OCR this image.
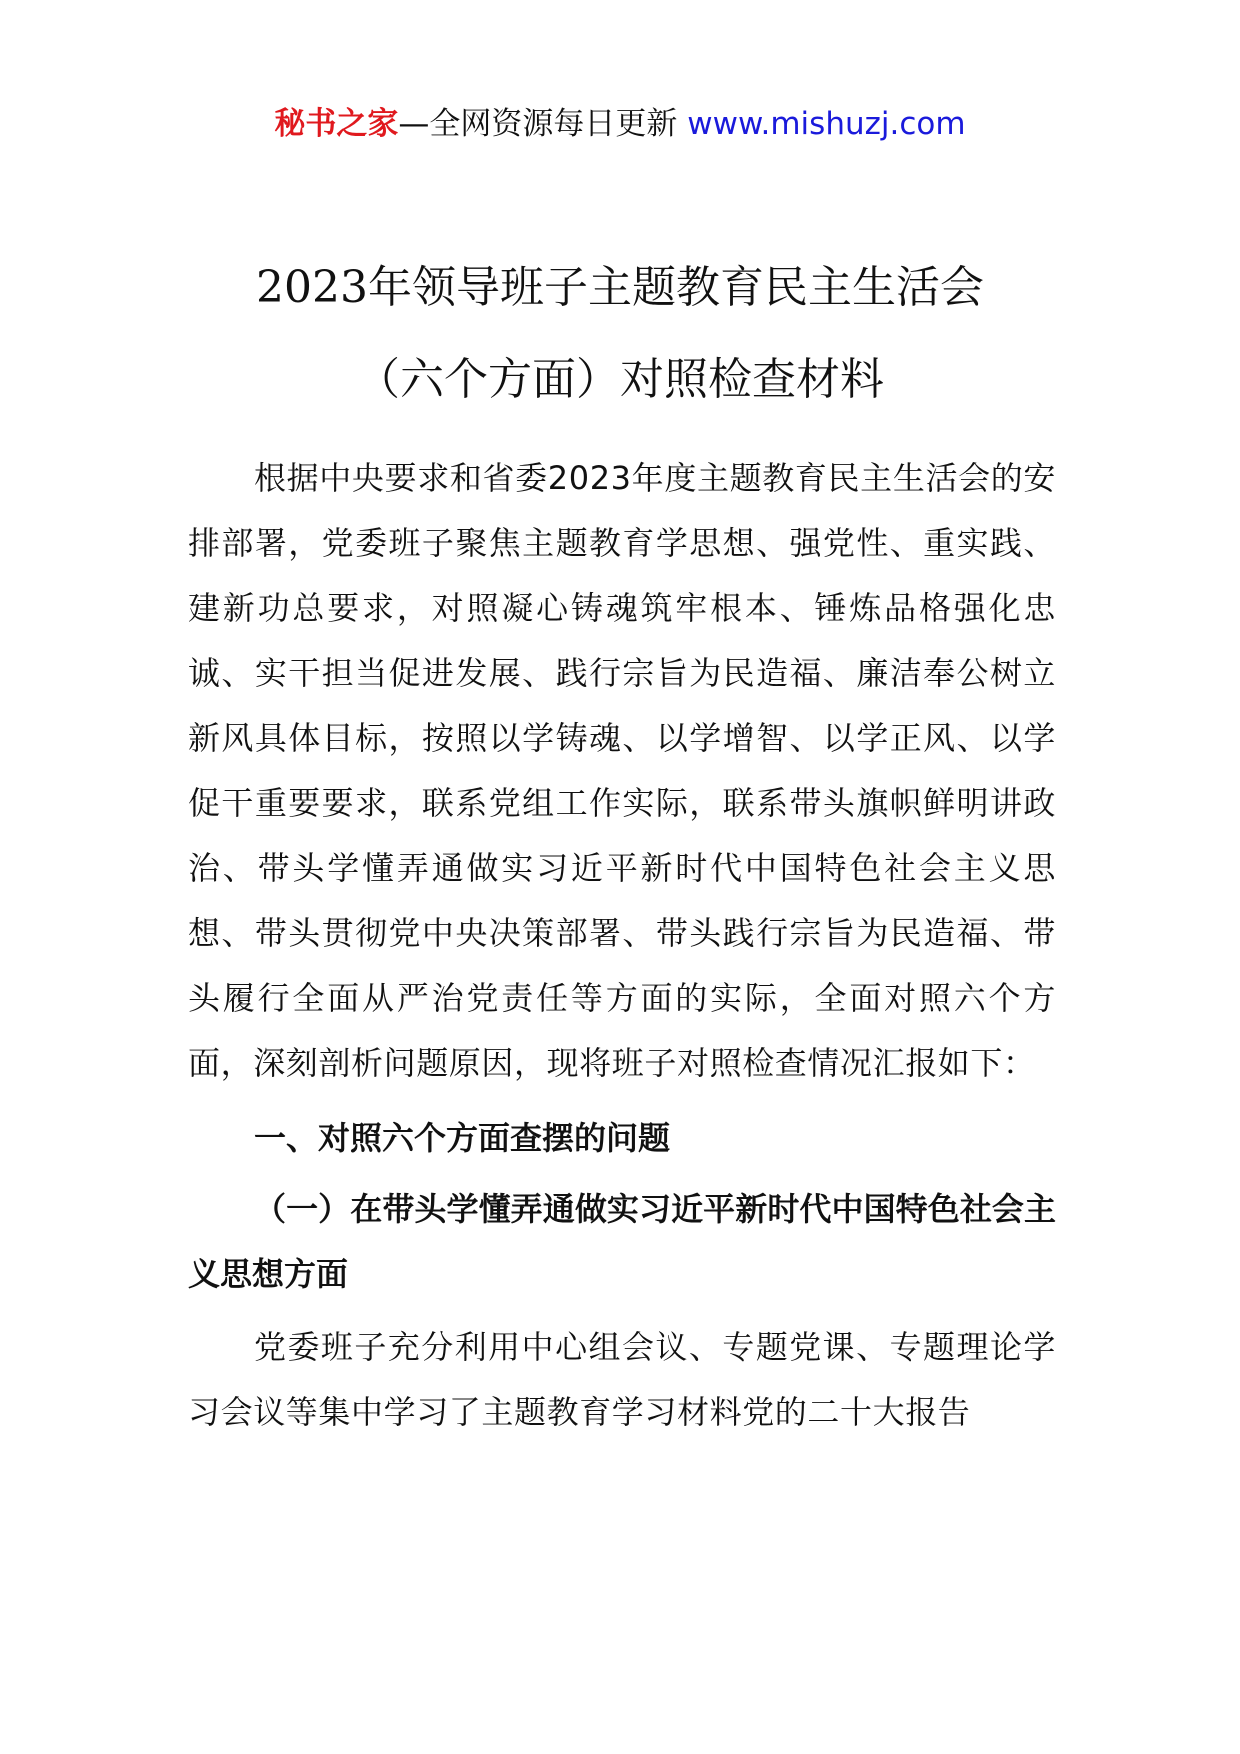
秘书之家—全网资源每日更新 www.mishuzj.com
2023年领导班子主题教育民主生活会
（六个方面）对照检查材料

根据中央要求和省委2023年度主题教育民主生活会的安排部署，党委班子聚焦主题教育学思想、强党性、重实践、建新功总要求，对照凝心铸魂筑牢根本、锤炼品格强化忠诚、实干担当促进发展、践行宗旨为民造福、廉洁奉公树立新风具体目标，按照以学铸魂、以学增智、以学正风、以学促干重要要求，联系党组工作实际，联系带头旗帜鲜明讲政治、带头学懂弄通做实习近平新时代中国特色社会主义思想、带头贯彻党中央决策部署、带头践行宗旨为民造福、带头履行全面从严治党责任等方面的实际，全面对照六个方面，深刻剖析问题原因，现将班子对照检查情况汇报如下：

一、对照六个方面查摆的问题

（一）在带头学懂弄通做实习近平新时代中国特色社会主义思想方面

党委班子充分利用中心组会议、专题党课、专题理论学习会议等集中学习了主题教育学习材料党的二十大报告
